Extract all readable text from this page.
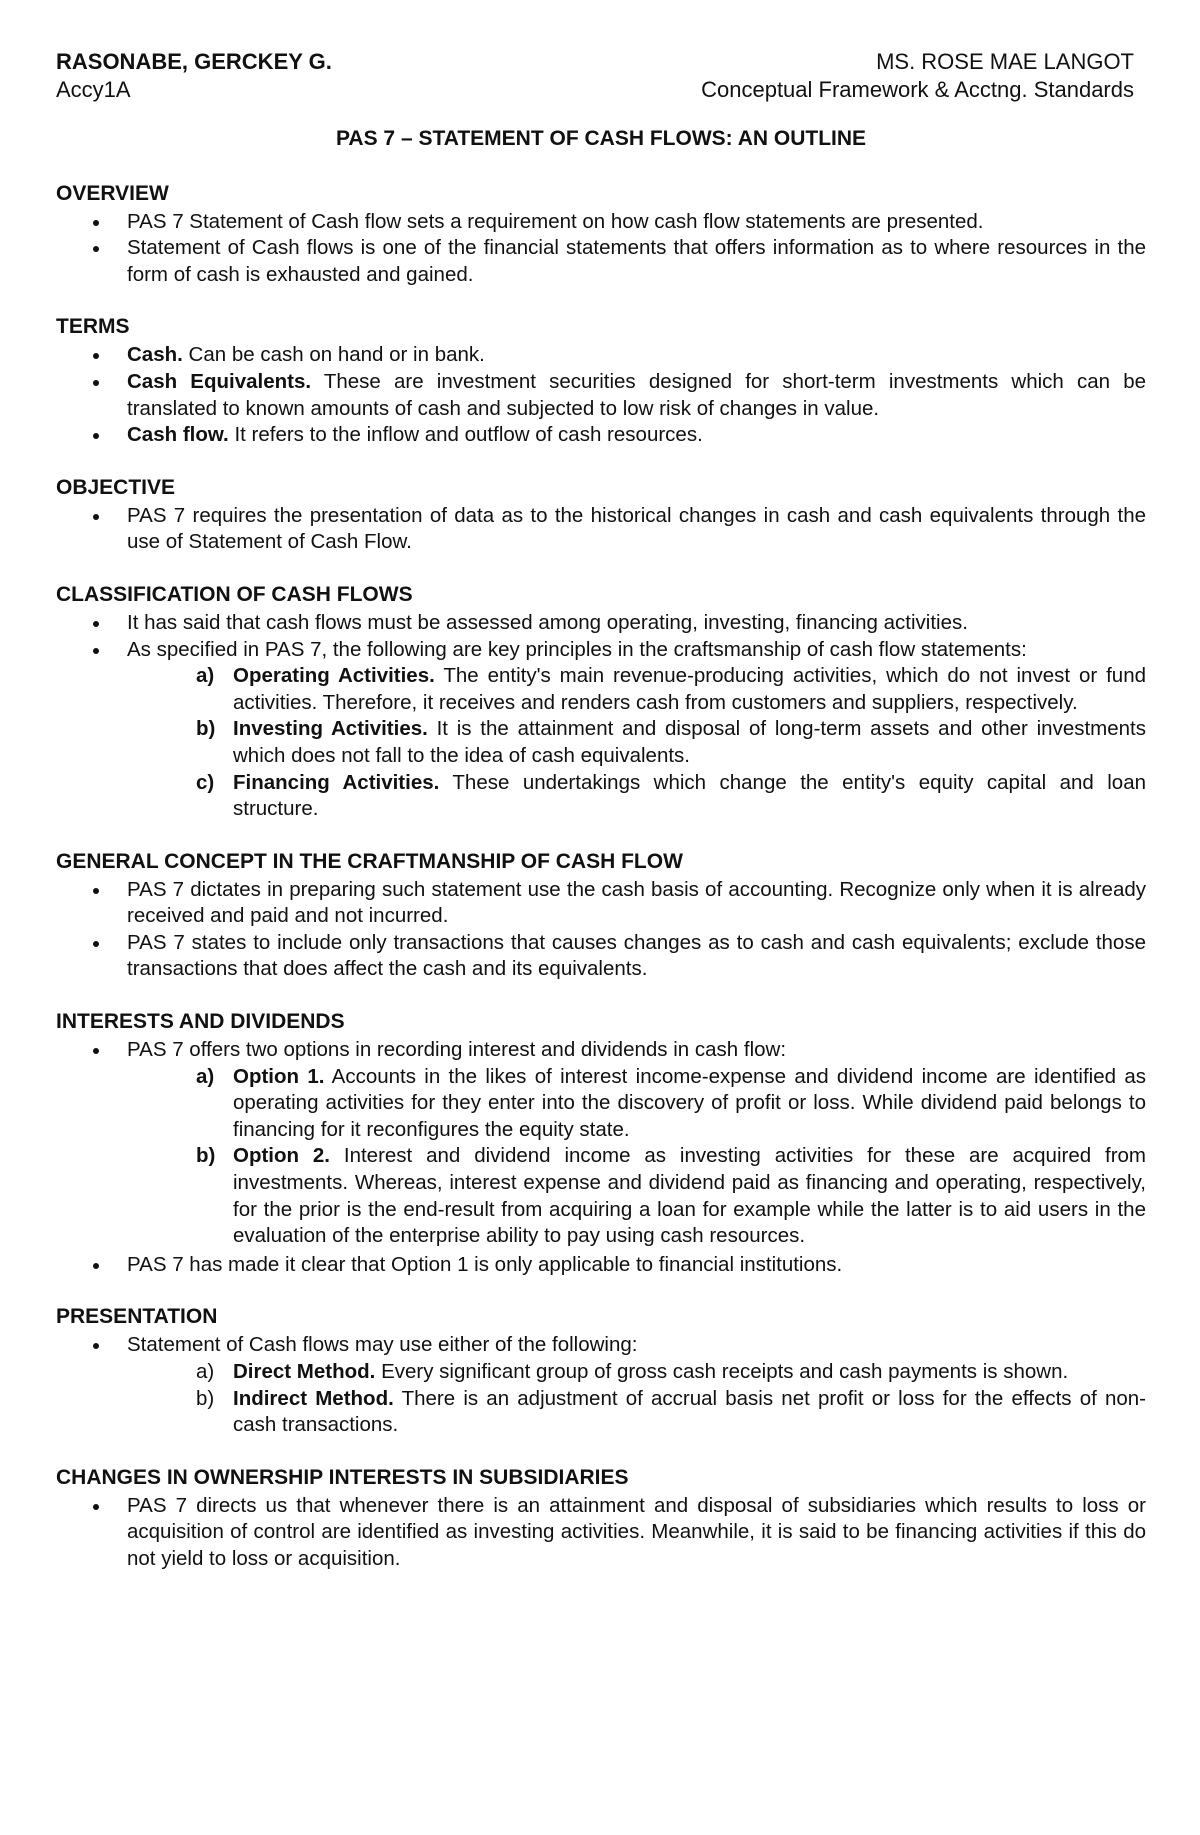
RASONABE, GERCKEY G.
Accy1A
MS. ROSE MAE LANGOT
Conceptual Framework & Acctng. Standards
PAS 7 – STATEMENT OF CASH FLOWS: AN OUTLINE
OVERVIEW
PAS 7 Statement of Cash flow sets a requirement on how cash flow statements are presented.
Statement of Cash flows is one of the financial statements that offers information as to where resources in the form of cash is exhausted and gained.
TERMS
Cash. Can be cash on hand or in bank.
Cash Equivalents. These are investment securities designed for short-term investments which can be translated to known amounts of cash and subjected to low risk of changes in value.
Cash flow. It refers to the inflow and outflow of cash resources.
OBJECTIVE
PAS 7 requires the presentation of data as to the historical changes in cash and cash equivalents through the use of Statement of Cash Flow.
CLASSIFICATION OF CASH FLOWS
It has said that cash flows must be assessed among operating, investing, financing activities.
As specified in PAS 7, the following are key principles in the craftsmanship of cash flow statements:
a) Operating Activities. The entity's main revenue-producing activities, which do not invest or fund activities. Therefore, it receives and renders cash from customers and suppliers, respectively.
b) Investing Activities. It is the attainment and disposal of long-term assets and other investments which does not fall to the idea of cash equivalents.
c) Financing Activities. These undertakings which change the entity's equity capital and loan structure.
GENERAL CONCEPT IN THE CRAFTMANSHIP OF CASH FLOW
PAS 7 dictates in preparing such statement use the cash basis of accounting. Recognize only when it is already received and paid and not incurred.
PAS 7 states to include only transactions that causes changes as to cash and cash equivalents; exclude those transactions that does affect the cash and its equivalents.
INTERESTS AND DIVIDENDS
PAS 7 offers two options in recording interest and dividends in cash flow:
a) Option 1. Accounts in the likes of interest income-expense and dividend income are identified as operating activities for they enter into the discovery of profit or loss. While dividend paid belongs to financing for it reconfigures the equity state.
b) Option 2. Interest and dividend income as investing activities for these are acquired from investments. Whereas, interest expense and dividend paid as financing and operating, respectively, for the prior is the end-result from acquiring a loan for example while the latter is to aid users in the evaluation of the enterprise ability to pay using cash resources.
PAS 7 has made it clear that Option 1 is only applicable to financial institutions.
PRESENTATION
Statement of Cash flows may use either of the following:
a) Direct Method. Every significant group of gross cash receipts and cash payments is shown.
b) Indirect Method. There is an adjustment of accrual basis net profit or loss for the effects of non-cash transactions.
CHANGES IN OWNERSHIP INTERESTS IN SUBSIDIARIES
PAS 7 directs us that whenever there is an attainment and disposal of subsidiaries which results to loss or acquisition of control are identified as investing activities. Meanwhile, it is said to be financing activities if this do not yield to loss or acquisition.
